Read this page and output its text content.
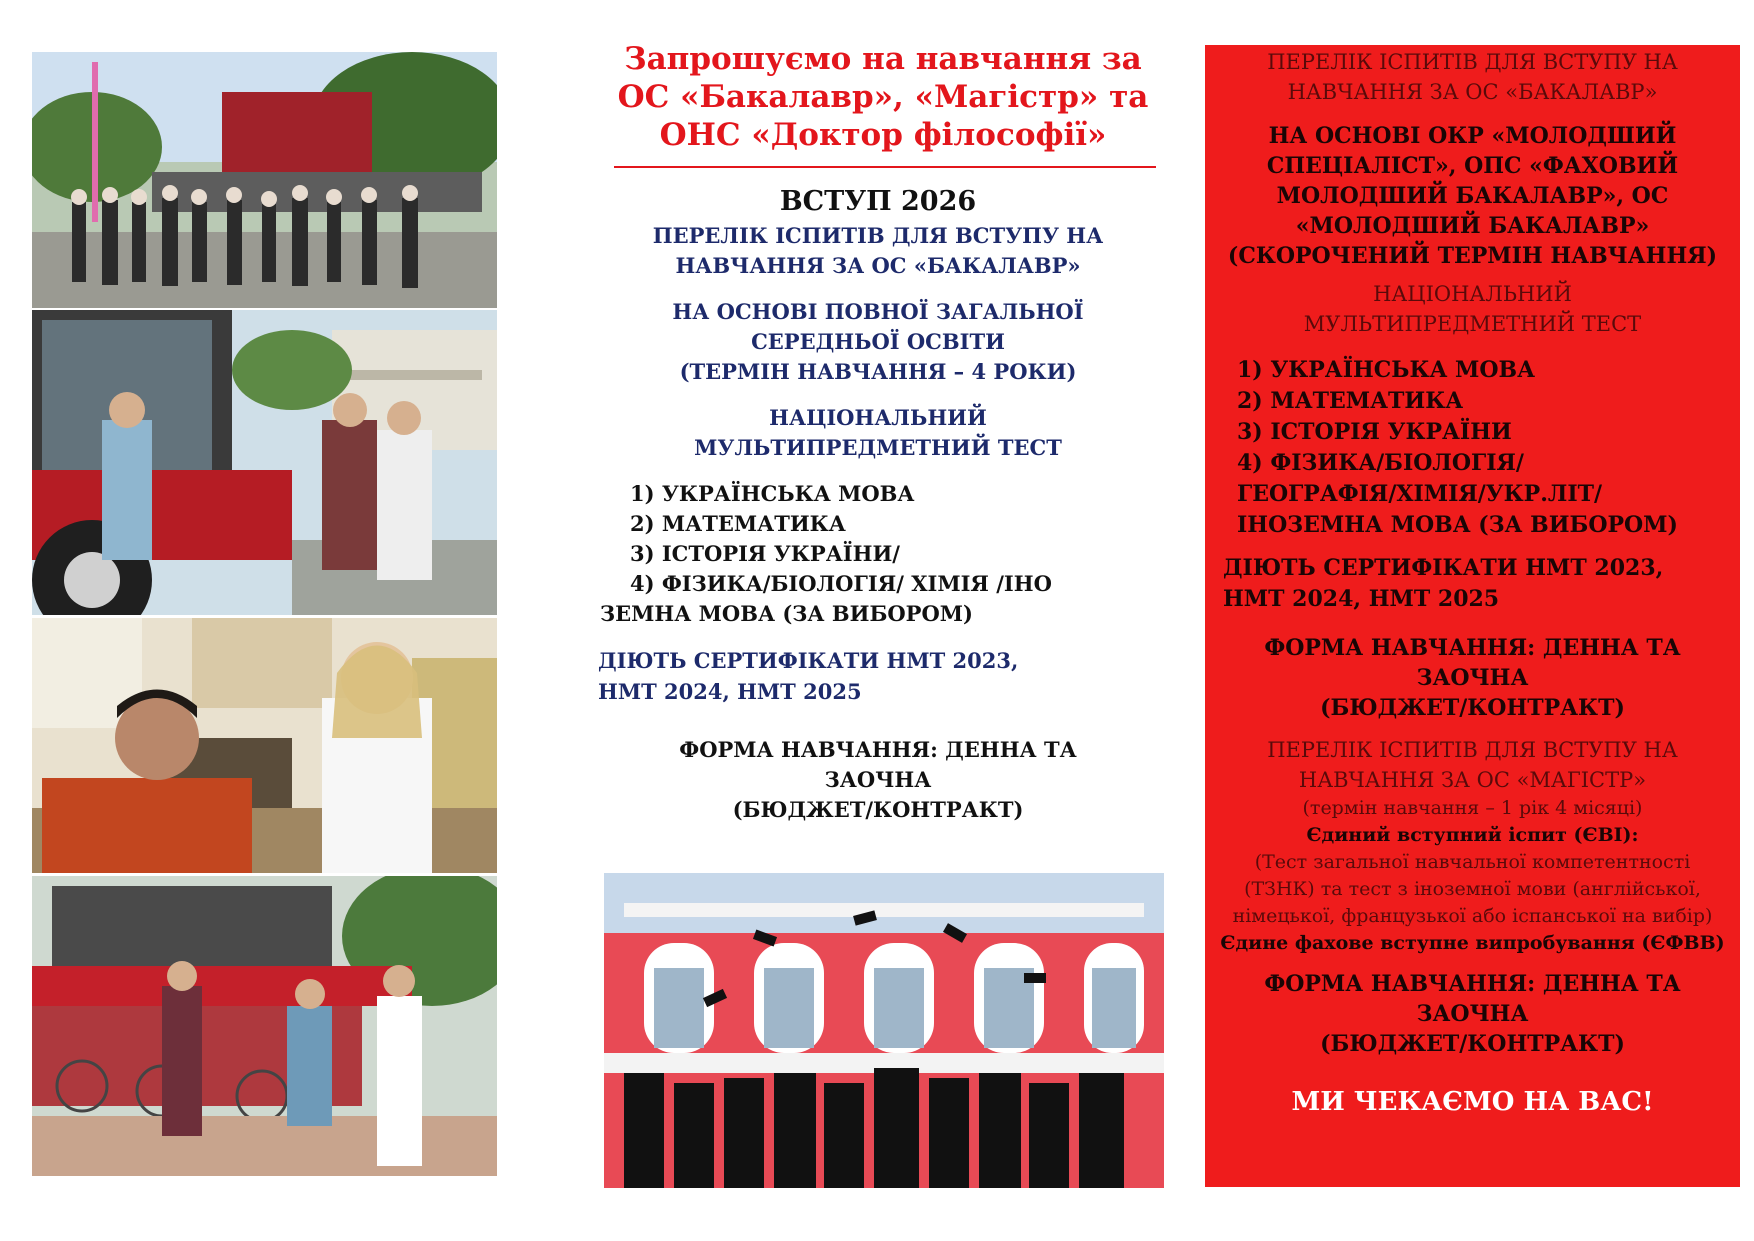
Запрошуємо на навчання за
ОС «Бакалавр», «Магістр» та
ОНС «Доктор філософії»
ВСТУП 2026
ПЕРЕЛІК ІСПИТІВ ДЛЯ ВСТУПУ НА
НАВЧАННЯ ЗА ОС «БАКАЛАВР»
НА ОСНОВІ ПОВНОЇ ЗАГАЛЬНОЇ
СЕРЕДНЬОЇ ОСВІТИ
(ТЕРМІН НАВЧАННЯ – 4 РОКИ)
НАЦІОНАЛЬНИЙ
МУЛЬТИПРЕДМЕТНИЙ ТЕСТ
1) УКРАЇНСЬКА МОВА
2) МАТЕМАТИКА
3) ІСТОРІЯ УКРАЇНИ/
4) ФІЗИКА/БІОЛОГІЯ/ ХІМІЯ /ІНО
ЗЕМНА МОВА (ЗА ВИБОРОМ)
ДІЮТЬ СЕРТИФІКАТИ НМТ 2023,
НМТ 2024, НМТ 2025
ФОРМА НАВЧАННЯ: ДЕННА ТА
ЗАОЧНА
(БЮДЖЕТ/КОНТРАКТ)
ПЕРЕЛІК ІСПИТІВ ДЛЯ ВСТУПУ НА
НАВЧАННЯ ЗА ОС «БАКАЛАВР»
НА ОСНОВІ ОКР «МОЛОДШИЙ
СПЕЦІАЛІСТ», ОПС «ФАХОВИЙ
МОЛОДШИЙ БАКАЛАВР», ОС
«МОЛОДШИЙ БАКАЛАВР»
(СКОРОЧЕНИЙ ТЕРМІН НАВЧАННЯ)
НАЦІОНАЛЬНИЙ
МУЛЬТИПРЕДМЕТНИЙ ТЕСТ
1) УКРАЇНСЬКА МОВА
2) МАТЕМАТИКА
3) ІСТОРІЯ УКРАЇНИ
4) ФІЗИКА/БІОЛОГІЯ/
ГЕОГРАФІЯ/ХІМІЯ/УКР.ЛІТ/
ІНОЗЕМНА МОВА (ЗА ВИБОРОМ)
ДІЮТЬ СЕРТИФІКАТИ НМТ 2023,
НМТ 2024, НМТ 2025
ФОРМА НАВЧАННЯ: ДЕННА ТА
ЗАОЧНА
(БЮДЖЕТ/КОНТРАКТ)
ПЕРЕЛІК ІСПИТІВ ДЛЯ ВСТУПУ НА
НАВЧАННЯ ЗА ОС «МАГІСТР»
(термін навчання – 1 рік 4 місяці)
Єдиний вступний іспит (ЄВІ):
(Тест загальної навчальної компетентності
(ТЗНК) та тест з іноземної мови (англійської,
німецької, французької або іспанської на вибір)
Єдине фахове вступне випробування (ЄФВВ)
ФОРМА НАВЧАННЯ: ДЕННА ТА
ЗАОЧНА
(БЮДЖЕТ/КОНТРАКТ)
МИ ЧЕКАЄМО НА ВАС!
